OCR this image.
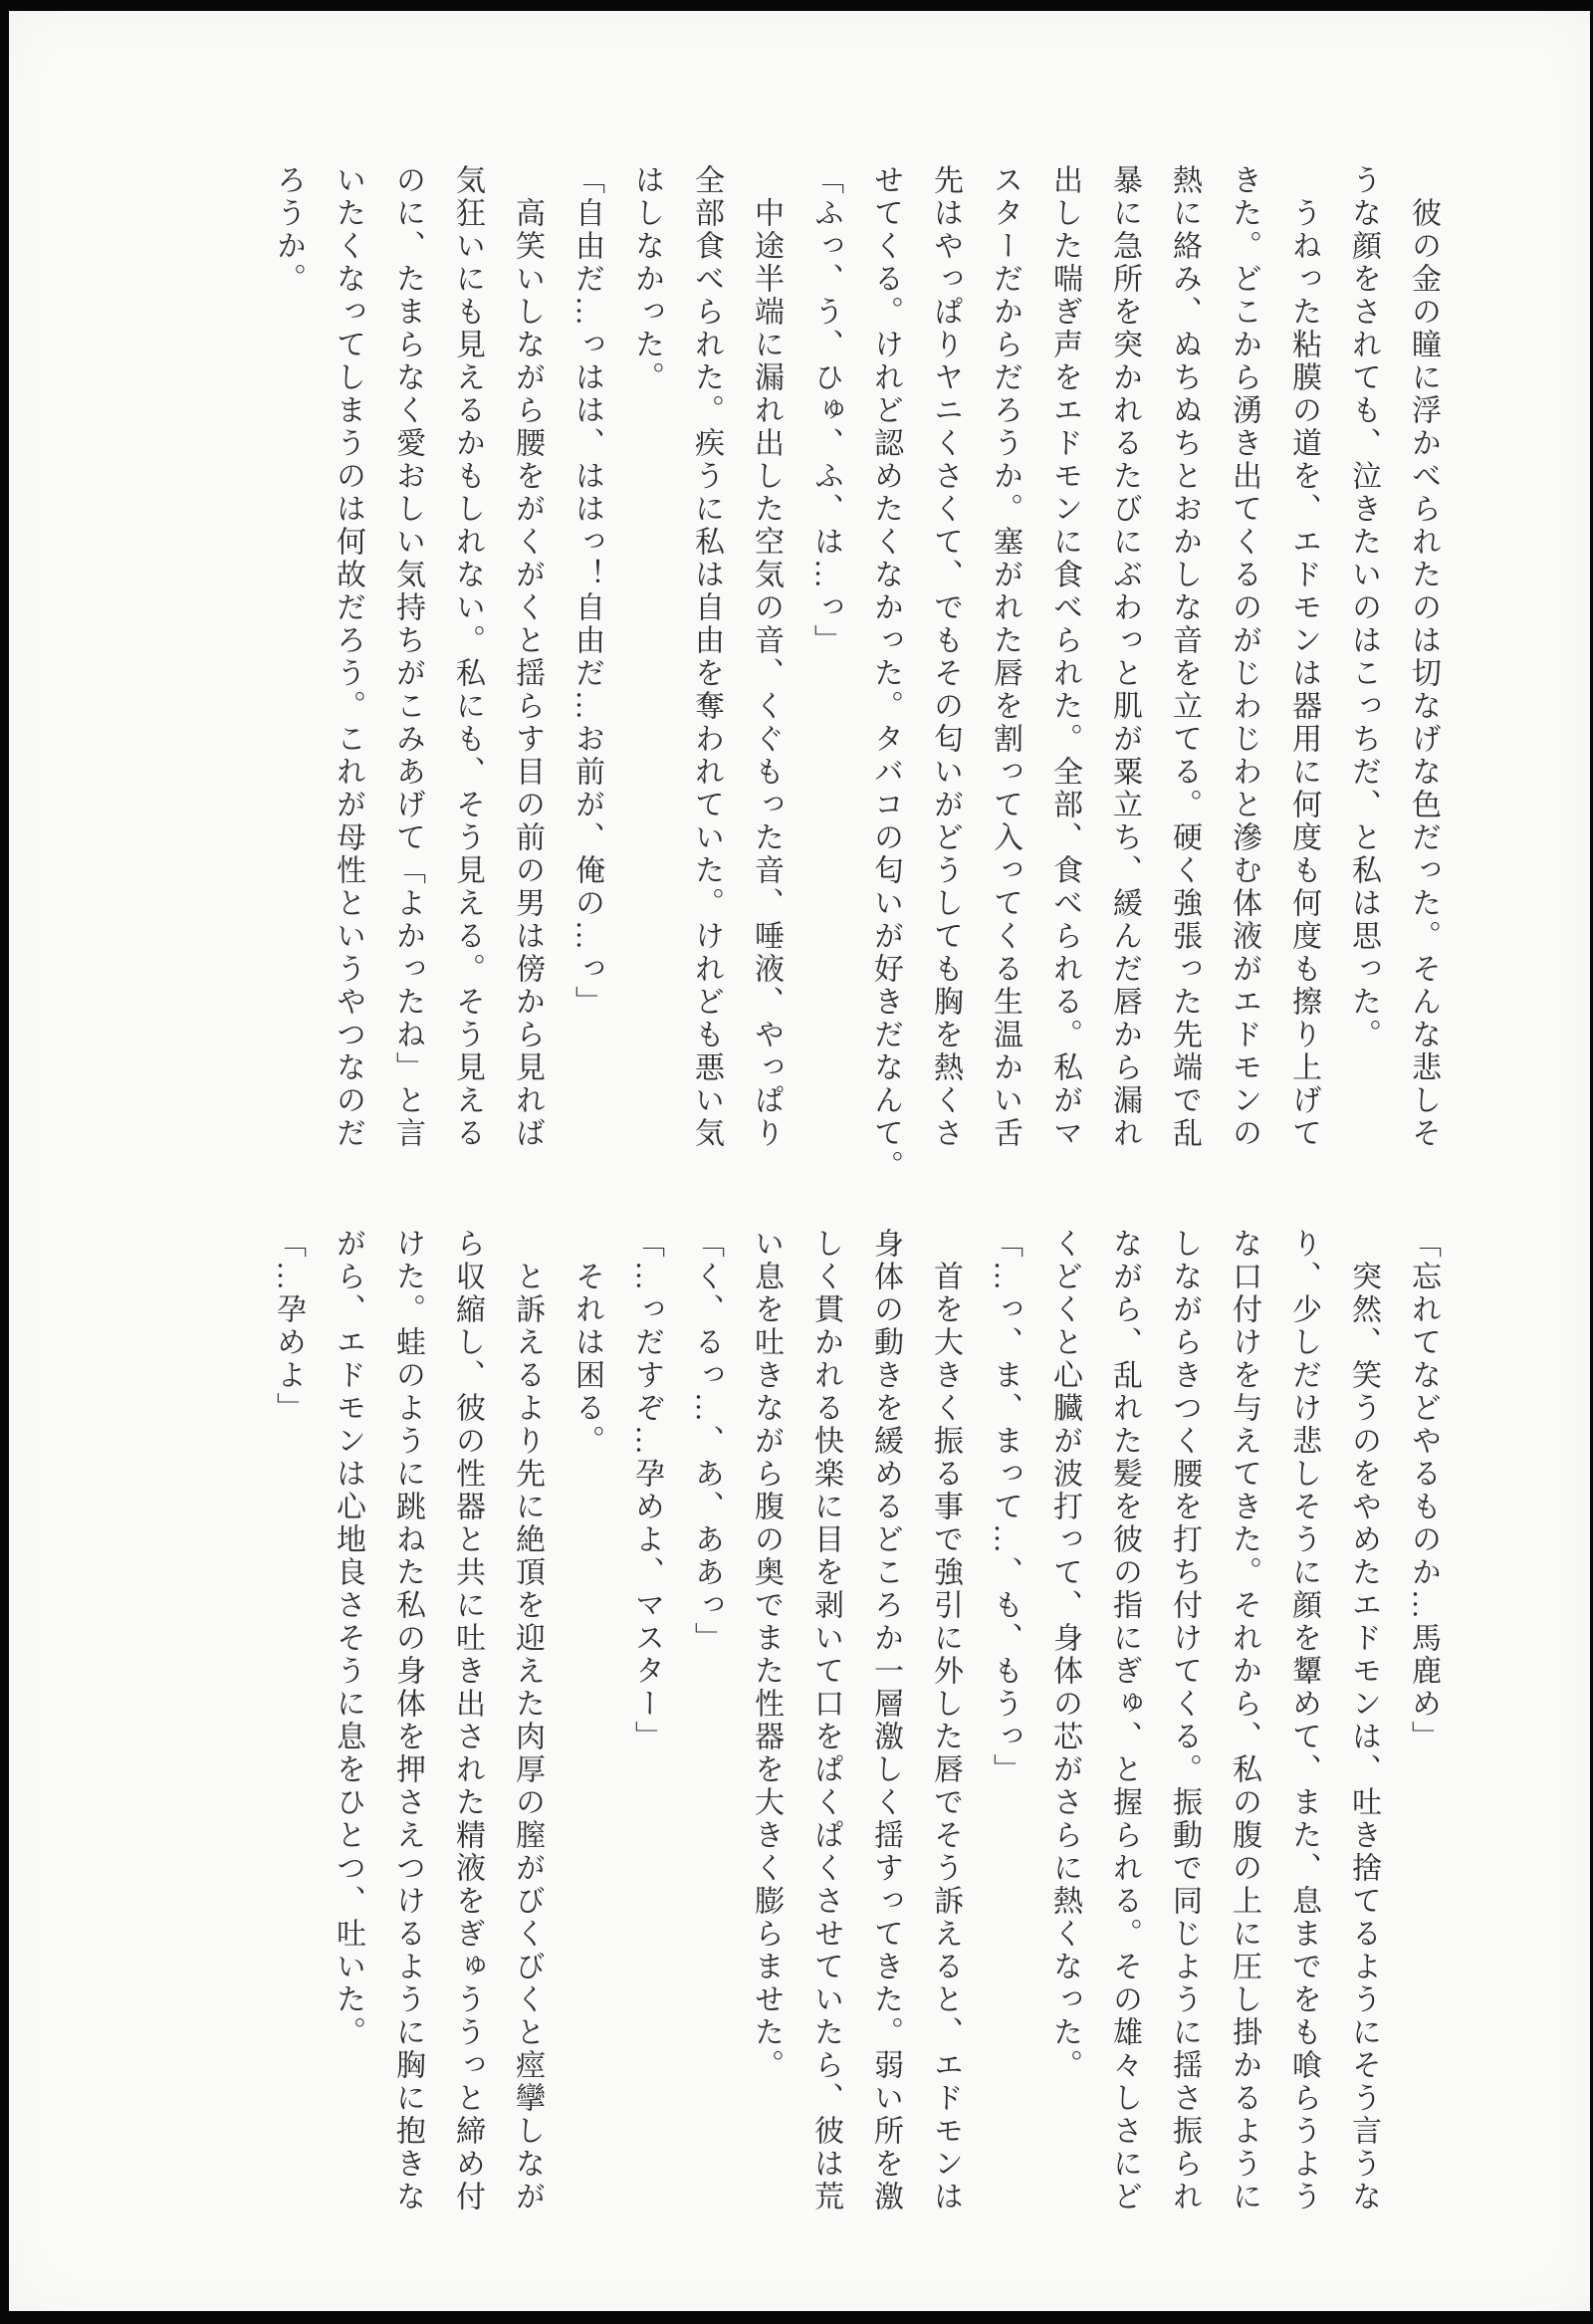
彼の金の瞳に浮かべられたのは切なげな色だった。そんな悲しそ

うな顔をされても、泣きたいのはこっちだ、と私は思った。

うねった粘膜の道を、エドモンは器用に何度も何度も擦り上げて

きた。どこから湧き出てくるのがじわじわと滲む体液がエドモンの

熱に絡み、ぬちぬちとおかしな音を立てる。硬く強張った先端で乱

暴に急所を突かれるたびにぶわっと肌が粟立ち、緩んだ唇から漏れ

出した喘ぎ声をエドモンに食べられた。全部、食べられる。私がマ

スターだからだろうか。塞がれた唇を割って入ってくる生温かい舌

先はやっぱりヤニくさくて、でもその匂いがどうしても胸を熱くさ

せてくる。けれど認めたくなかった。タバコの匂いが好きだなんて。

「ふっ、う、ひゅ、ふ、は…っ」

中途半端に漏れ出した空気の音、くぐもった音、唾液、やっぱり

全部食べられた。疾うに私は自由を奪われていた。けれども悪い気

はしなかった。

「自由だ…っはは、ははっ！自由だ…お前が、俺の…っ」

高笑いしながら腰をがくがくと揺らす目の前の男は傍から見れば

気狂いにも見えるかもしれない。私にも、そう見える。そう見える

のに、たまらなく愛おしい気持ちがこみあげて「よかったね」と言

いたくなってしまうのは何故だろう。これが母性というやつなのだ

ろうか。

「忘れてなどやるものか…馬鹿め」

突然、笑うのをやめたエドモンは、吐き捨てるようにそう言うな

り、少しだけ悲しそうに顔を顰めて、また、息までをも喰らうよう

な口付けを与えてきた。それから、私の腹の上に圧し掛かるように

しながらきつく腰を打ち付けてくる。振動で同じように揺さ振られ

ながら、乱れた髪を彼の指にぎゅ、と握られる。その雄々しさにど

くどくと心臓が波打って、身体の芯がさらに熱くなった。

「…っ、ま、まって…、も、もうっ」

首を大きく振る事で強引に外した唇でそう訴えると、エドモンは

身体の動きを緩めるどころか一層激しく揺すってきた。弱い所を激

しく貫かれる快楽に目を剥いて口をぱくぱくさせていたら、彼は荒

い息を吐きながら腹の奥でまた性器を大きく膨らませた。

「く、るっ…、あ、ああっ」

「…っだすぞ…孕めよ、マスター」

それは困る。

と訴えるより先に絶頂を迎えた肉厚の膣がびくびくと痙攣しなが

ら収縮し、彼の性器と共に吐き出された精液をぎゅううっと締め付

けた。蛙のように跳ねた私の身体を押さえつけるように胸に抱きな

がら、エドモンは心地良さそうに息をひとつ、吐いた。

「…孕めよ」
